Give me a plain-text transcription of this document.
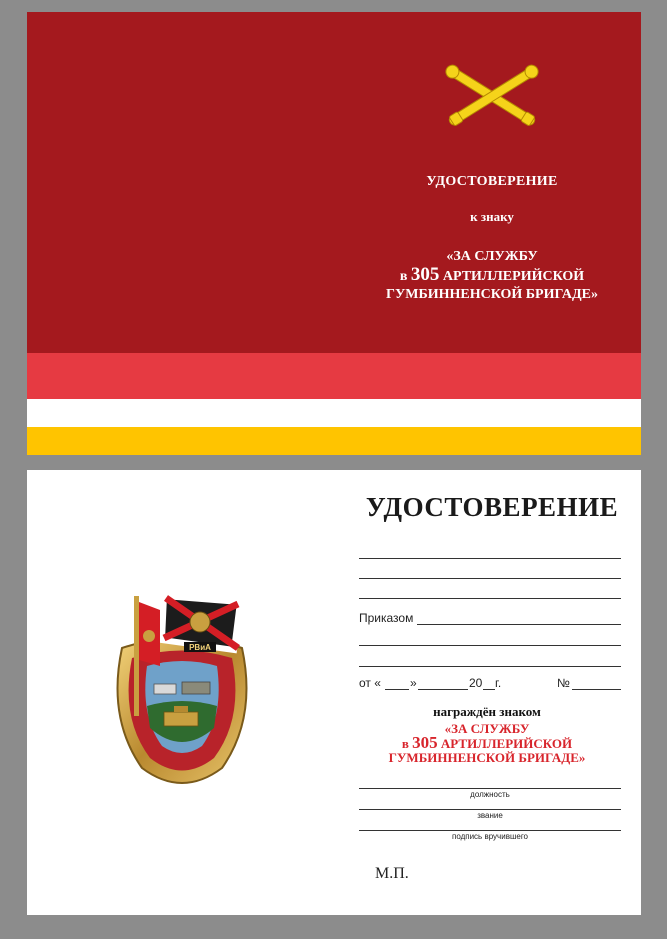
УДОСТОВЕРЕНИЕ
к знаку
«ЗА СЛУЖБУ
в 305 АРТИЛЛЕРИЙСКОЙ
ГУМБИННЕНСКОЙ БРИГАДЕ»
РВиА
УДОСТОВЕРЕНИЕ
Приказом
от « »	20 г.	№
награждён знаком
«ЗА СЛУЖБУ
в 305 АРТИЛЛЕРИЙСКОЙ
ГУМБИННЕНСКОЙ БРИГАДЕ»
должность
звание
подпись вручившего
М.П.
